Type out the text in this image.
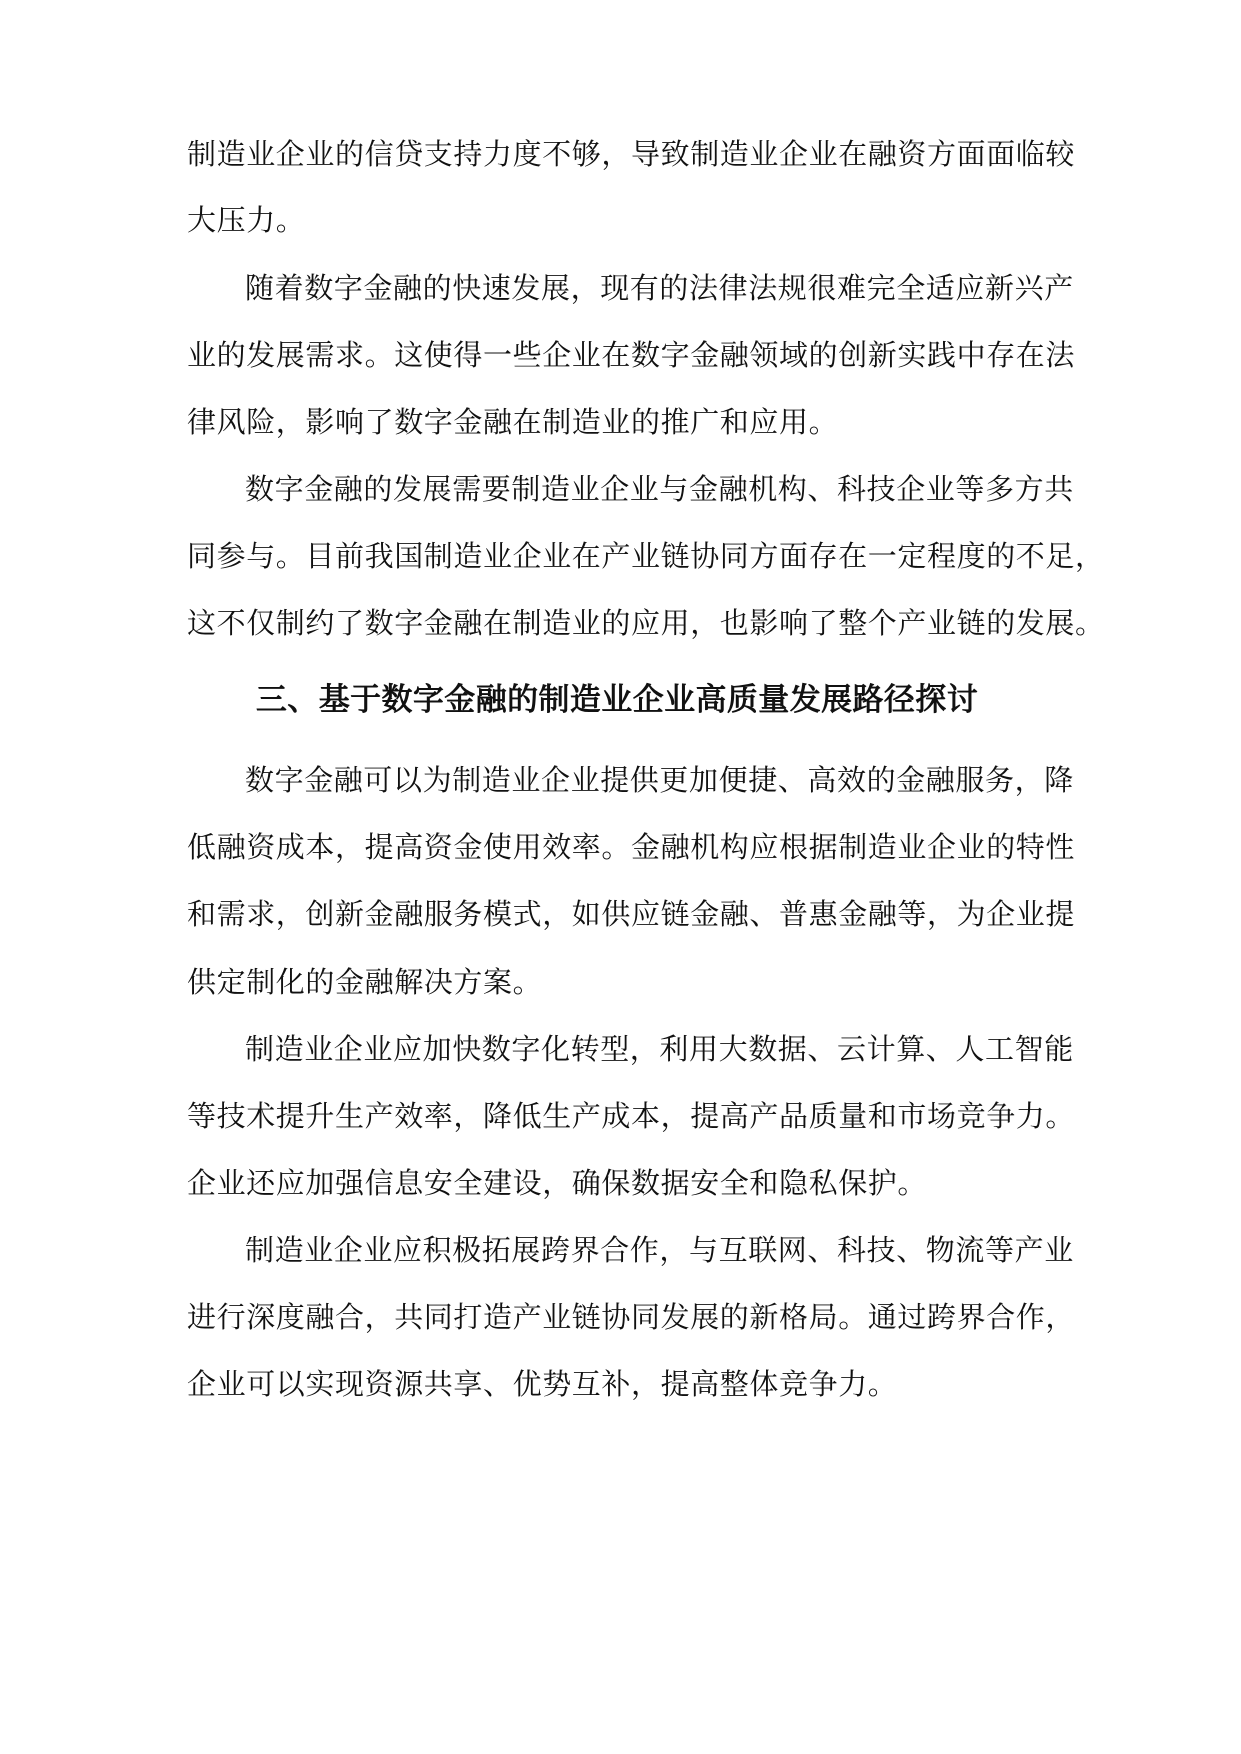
制造业企业的信贷支持力度不够，导致制造业企业在融资方面面临较
大压力。
随着数字金融的快速发展，现有的法律法规很难完全适应新兴产
业的发展需求。这使得一些企业在数字金融领域的创新实践中存在法
律风险，影响了数字金融在制造业的推广和应用。
数字金融的发展需要制造业企业与金融机构、科技企业等多方共
同参与。目前我国制造业企业在产业链协同方面存在一定程度的不足，
这不仅制约了数字金融在制造业的应用，也影响了整个产业链的发展。
三、基于数字金融的制造业企业高质量发展路径探讨
数字金融可以为制造业企业提供更加便捷、高效的金融服务，降
低融资成本，提高资金使用效率。金融机构应根据制造业企业的特性
和需求，创新金融服务模式，如供应链金融、普惠金融等，为企业提
供定制化的金融解决方案。
制造业企业应加快数字化转型，利用大数据、云计算、人工智能
等技术提升生产效率，降低生产成本，提高产品质量和市场竞争力。
企业还应加强信息安全建设，确保数据安全和隐私保护。
制造业企业应积极拓展跨界合作，与互联网、科技、物流等产业
进行深度融合，共同打造产业链协同发展的新格局。通过跨界合作，
企业可以实现资源共享、优势互补，提高整体竞争力。
